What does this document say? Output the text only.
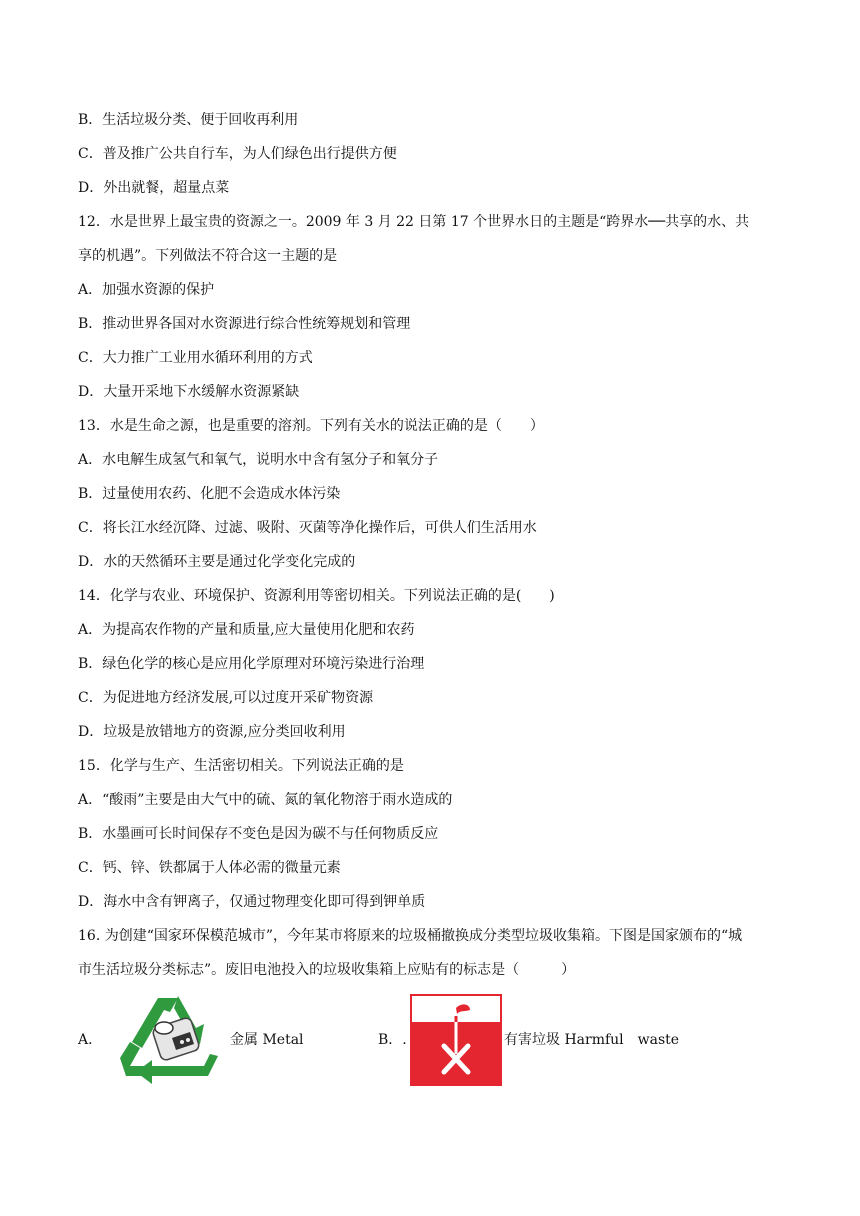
B．生活垃圾分类、便于回收再利用
C．普及推广公共自行车，为人们绿色出行提供方便
D．外出就餐，超量点菜
12．水是世界上最宝贵的资源之一。2009 年 3 月 22 日第 17 个世界水日的主题是“跨界水──共享的水、共
享的机遇”。下列做法不符合这一主题的是
A．加强水资源的保护
B．推动世界各国对水资源进行综合性统筹规划和管理
C．大力推广工业用水循环利用的方式
D．大量开采地下水缓解水资源紧缺
13．水是生命之源，也是重要的溶剂。下列有关水的说法正确的是（　　）
A．水电解生成氢气和氧气，说明水中含有氢分子和氧分子
B．过量使用农药、化肥不会造成水体污染
C．将长江水经沉降、过滤、吸附、灭菌等净化操作后，可供人们生活用水
D．水的天然循环主要是通过化学变化完成的
14．化学与农业、环境保护、资源利用等密切相关。下列说法正确的是(　　)
A．为提高农作物的产量和质量,应大量使用化肥和农药
B．绿色化学的核心是应用化学原理对环境污染进行治理
C．为促进地方经济发展,可以过度开采矿物资源
D．垃圾是放错地方的资源,应分类回收利用
15．化学与生产、生活密切相关。下列说法正确的是
A．“酸雨”主要是由大气中的硫、氮的氧化物溶于雨水造成的
B．水墨画可长时间保存不变色是因为碳不与任何物质反应
C．钙、锌、铁都属于人体必需的微量元素
D．海水中含有钾离子，仅通过物理变化即可得到钾单质
16. 为创建“国家环保模范城市”，今年某市将原来的垃圾桶撤换成分类型垃圾收集箱。下图是国家颁布的“城
市生活垃圾分类标志”。废旧电池投入的垃圾收集箱上应贴有的标志是（　　　）
A．	金属 Metal	B．.	有害垃圾 Harmful　waste
